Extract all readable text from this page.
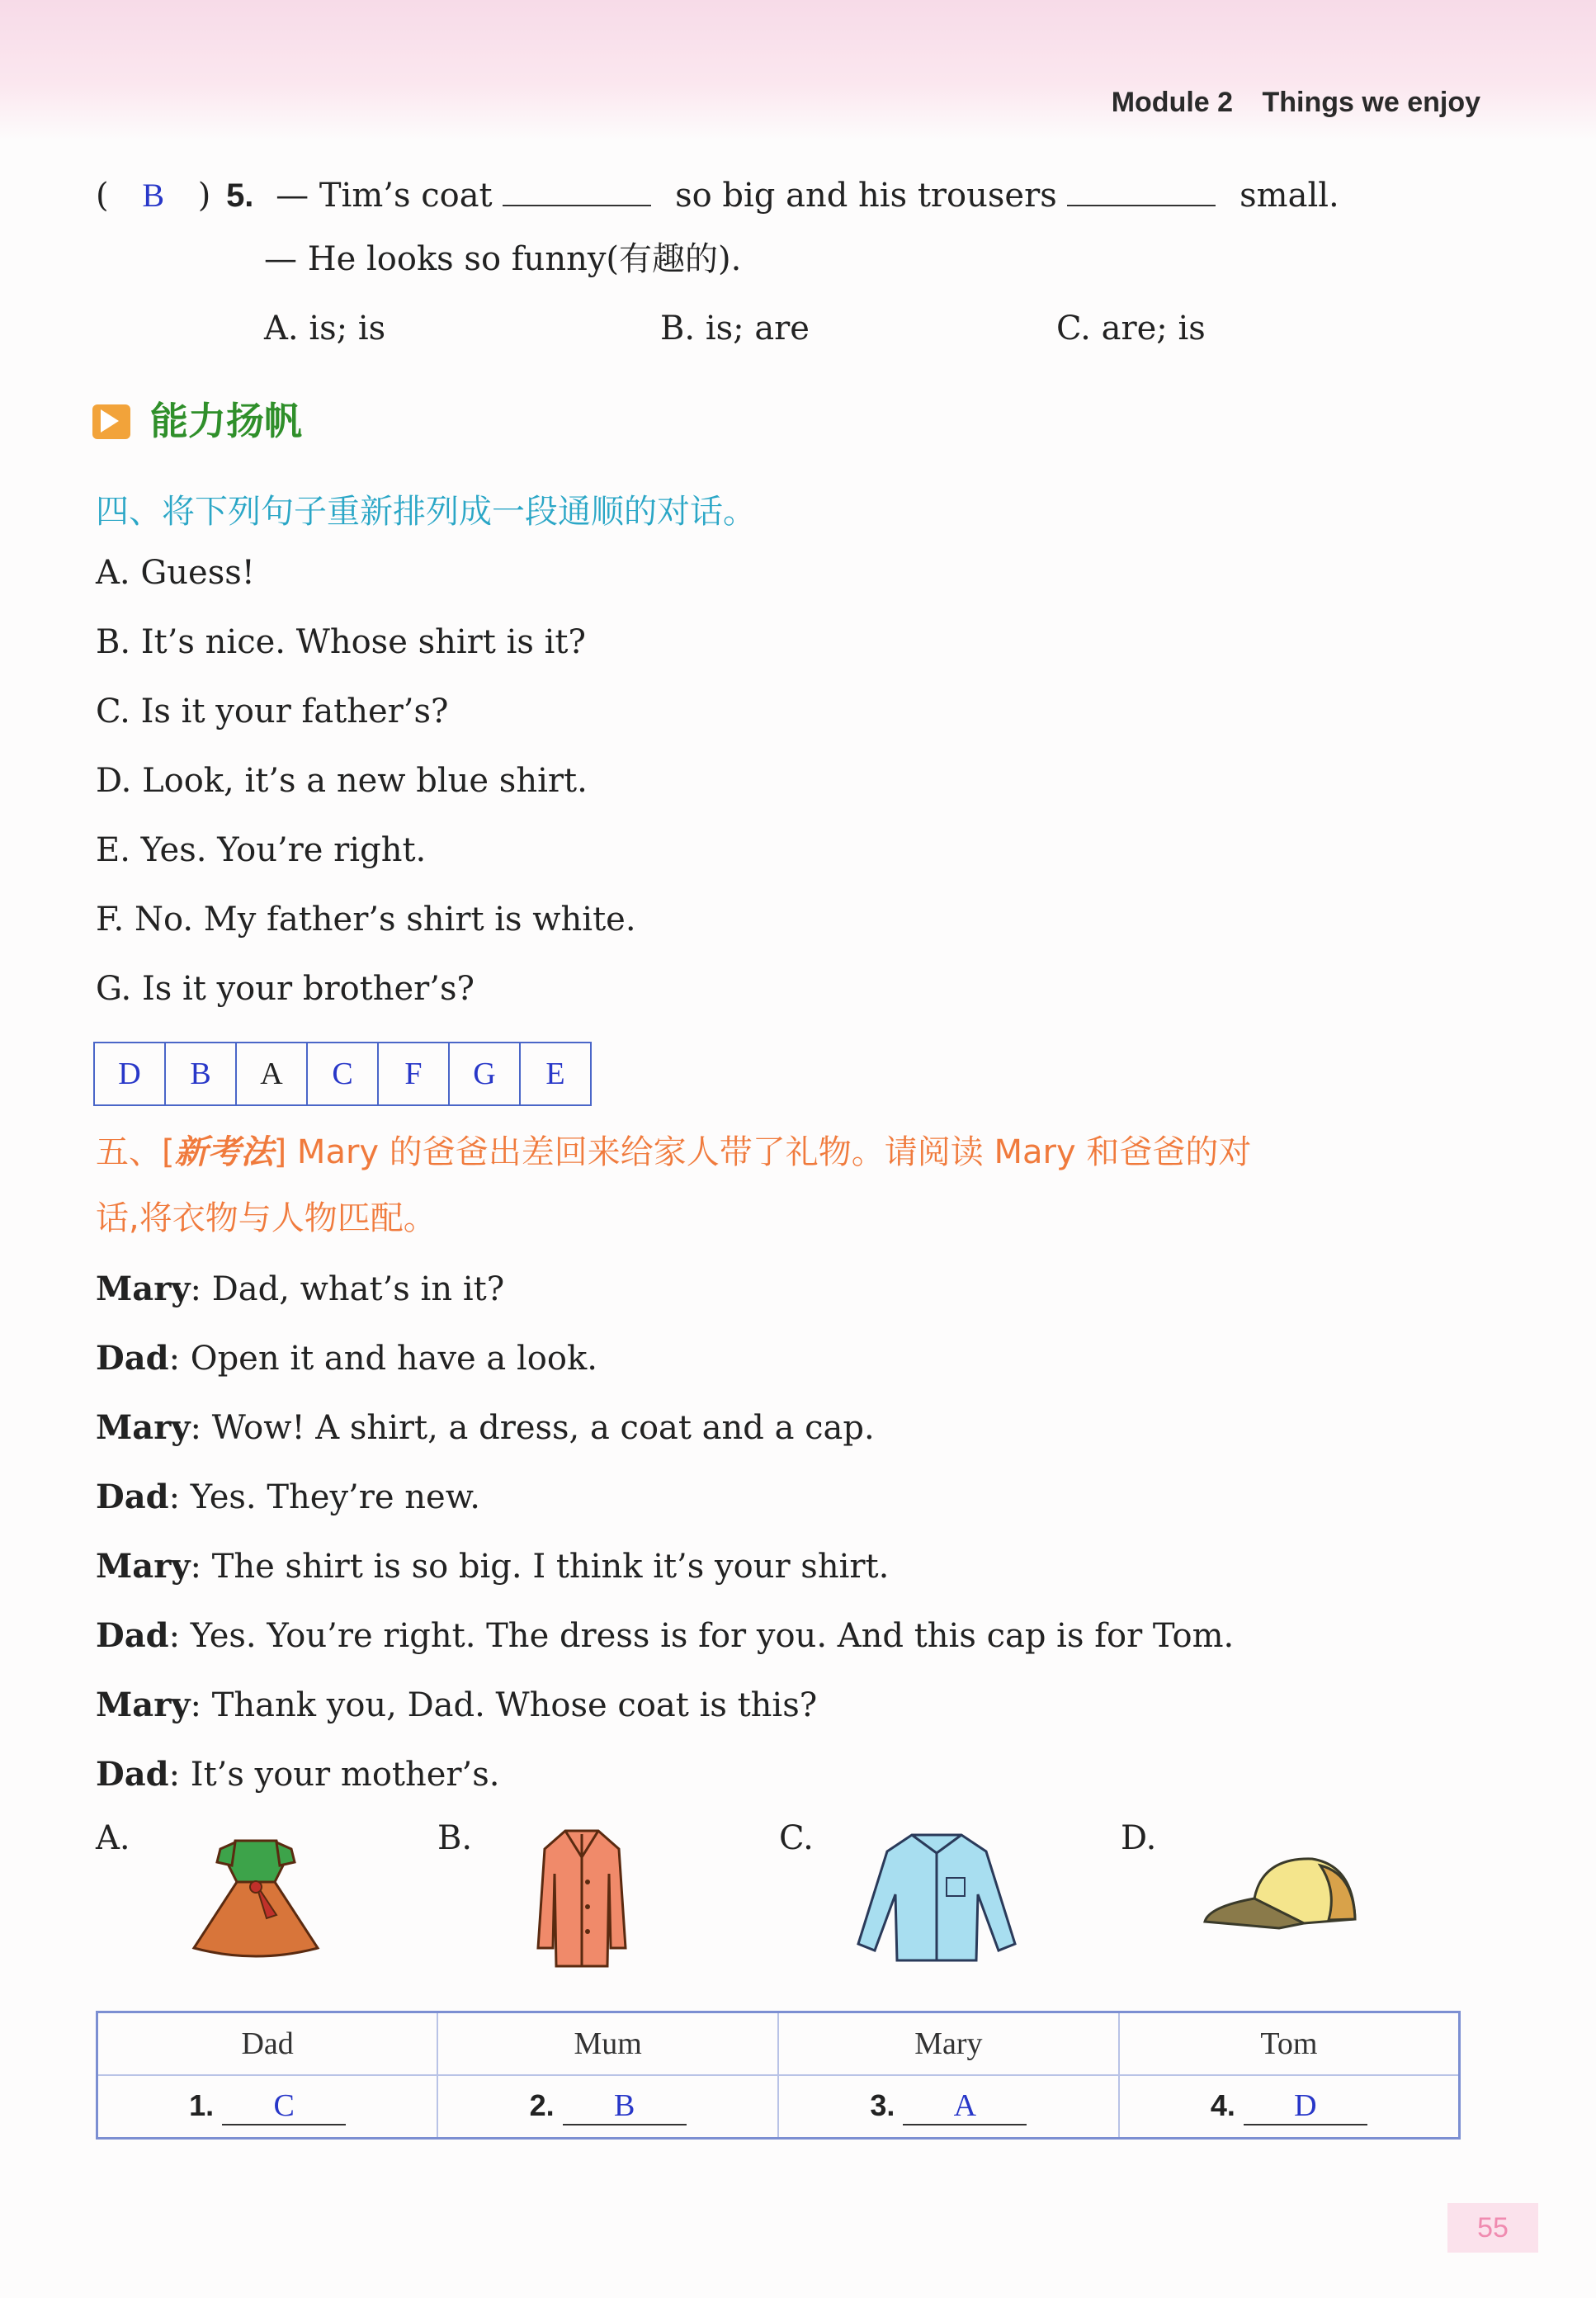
Module 2 Things we enjoy
( B ) 5. — Tim’s coat	so big and his trousers	small.
— He looks so funny(有趣的).
A. is; is	B. is; are	C. are; is
能力扬帆
四、将下列句子重新排列成一段通顺的对话。
A. Guess!
B. It’s nice. Whose shirt is it?
C. Is it your father’s?
D. Look, it’s a new blue shirt.
E. Yes. You’re right.
F. No. My father’s shirt is white.
G. Is it your brother’s?
D	B	A	C	F	G	E
五、[新考法] Mary 的爸爸出差回来给家人带了礼物。请阅读 Mary 和爸爸的对
话,将衣物与人物匹配。
Mary: Dad, what’s in it?
Dad: Open it and have a look.
Mary: Wow! A shirt, a dress, a coat and a cap.
Dad: Yes. They’re new.
Mary: The shirt is so big. I think it’s your shirt.
Dad: Yes. You’re right. The dress is for you. And this cap is for Tom.
Mary: Thank you, Dad. Whose coat is this?
Dad: It’s your mother’s.
A.	B.	C.	D.
Dad	Mum	Mary	Tom
1. C	2. B	3. A	4. D
55
